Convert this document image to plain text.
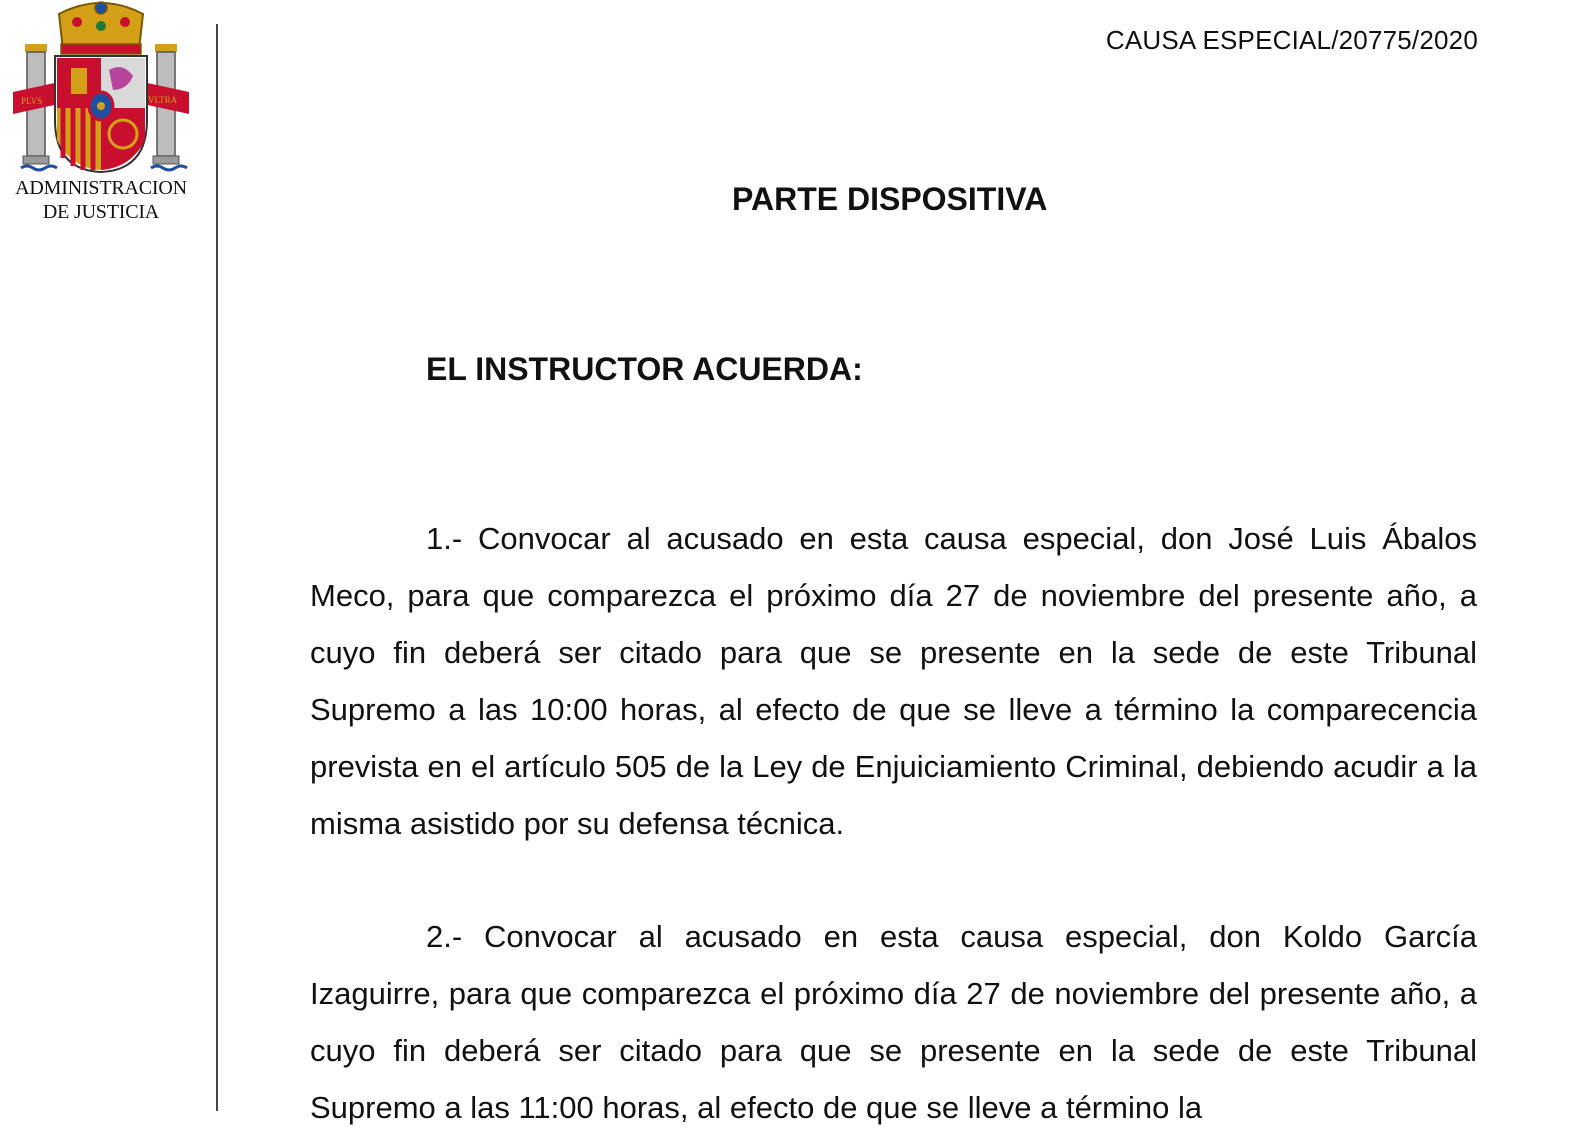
PLVS	VLTRA
ADMINISTRACION
DE JUSTICIA
CAUSA ESPECIAL/20775/2020
PARTE DISPOSITIVA
EL INSTRUCTOR ACUERDA:

1.- Convocar al acusado en esta causa especial, don José Luis Ábalos Meco, para que comparezca el próximo día 27 de noviembre del presente año, a cuyo fin deberá ser citado para que se presente en la sede de este Tribunal Supremo a las 10:00 horas, al efecto de que se lleve a término la comparecencia prevista en el artículo 505 de la Ley de Enjuiciamiento Criminal, debiendo acudir a la misma asistido por su defensa técnica.

2.- Convocar al acusado en esta causa especial, don Koldo García Izaguirre, para que comparezca el próximo día 27 de noviembre del presente año, a cuyo fin deberá ser citado para que se presente en la sede de este Tribunal Supremo a las 11:00 horas, al efecto de que se lleve a término la
